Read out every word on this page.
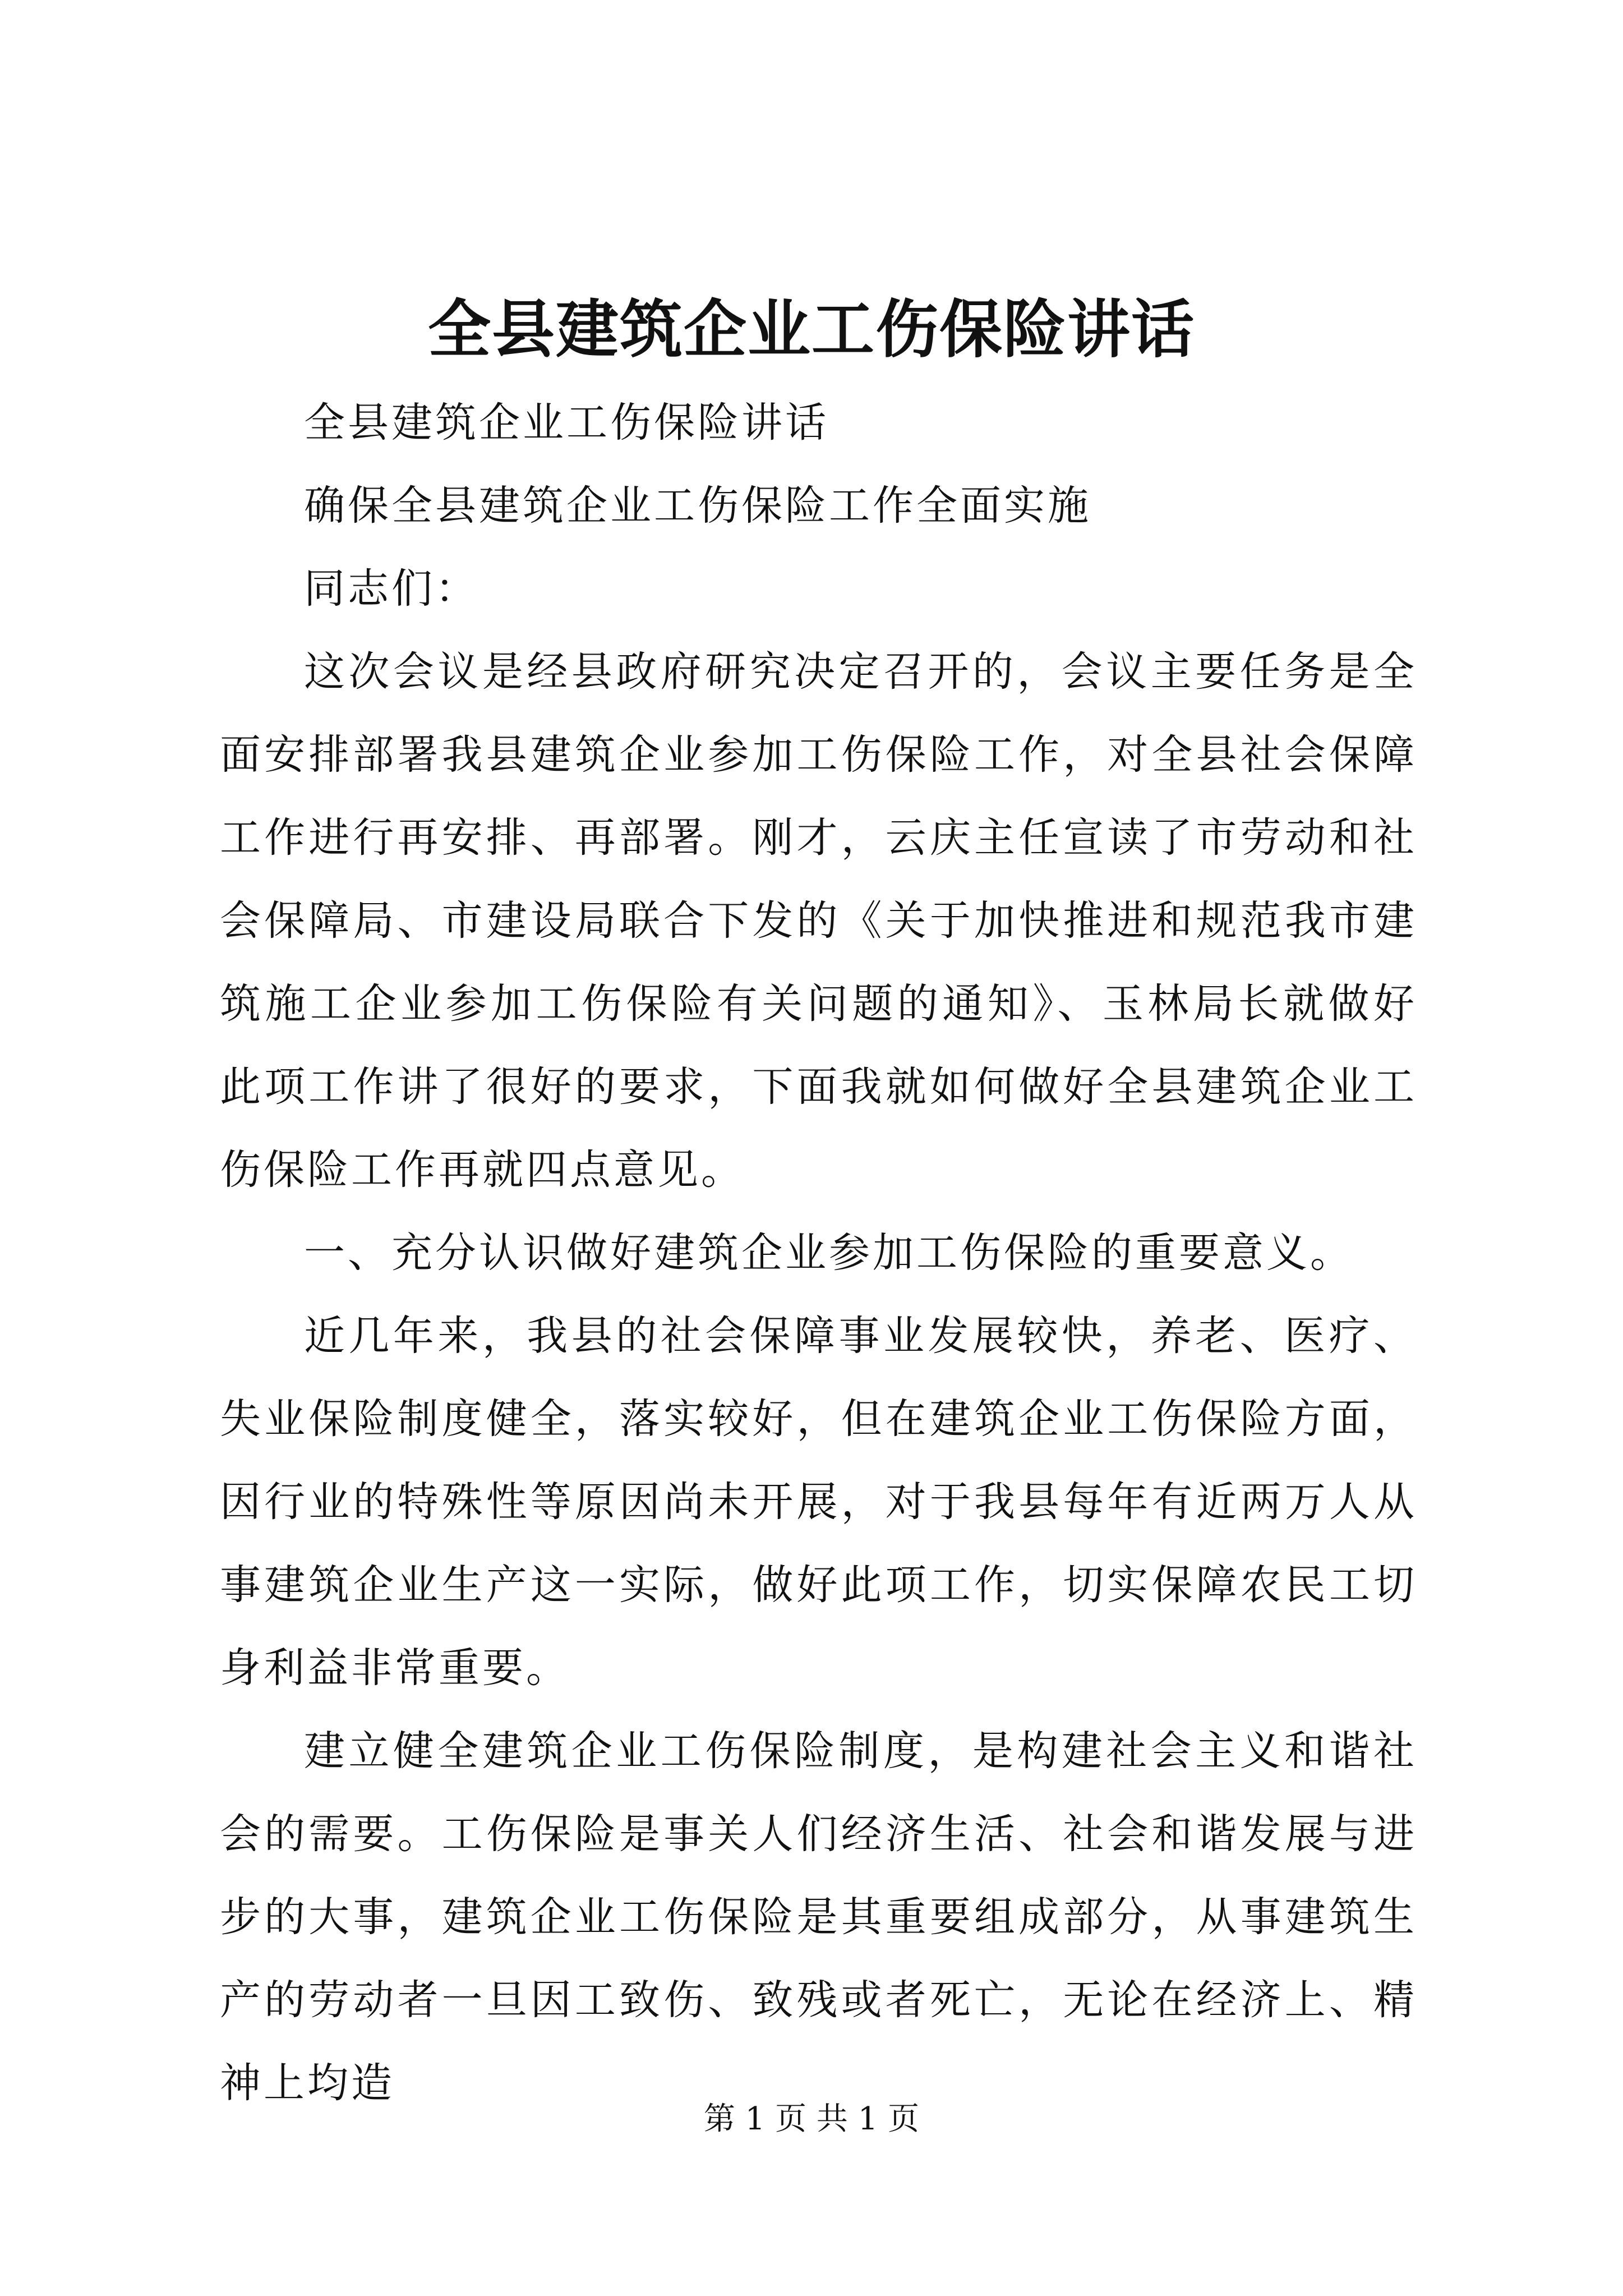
全县建筑企业工伤保险讲话

全县建筑企业工伤保险讲话

确保全县建筑企业工伤保险工作全面实施

同志们：

这次会议是经县政府研究决定召开的，会议主要任务是全面安排部署我县建筑企业参加工伤保险工作，对全县社会保障工作进行再安排、再部署。刚才，云庆主任宣读了市劳动和社会保障局、市建设局联合下发的《关于加快推进和规范我市建筑施工企业参加工伤保险有关问题的通知》、玉林局长就做好此项工作讲了很好的要求，下面我就如何做好全县建筑企业工伤保险工作再就四点意见。

一、充分认识做好建筑企业参加工伤保险的重要意义。

近几年来，我县的社会保障事业发展较快，养老、医疗、失业保险制度健全，落实较好，但在建筑企业工伤保险方面，因行业的特殊性等原因尚未开展，对于我县每年有近两万人从事建筑企业生产这一实际，做好此项工作，切实保障农民工切身利益非常重要。

建立健全建筑企业工伤保险制度，是构建社会主义和谐社会的需要。工伤保险是事关人们经济生活、社会和谐发展与进步的大事，建筑企业工伤保险是其重要组成部分，从事建筑生产的劳动者一旦因工致伤、致残或者死亡，无论在经济上、精神上均造

第 1 页 共 1 页
